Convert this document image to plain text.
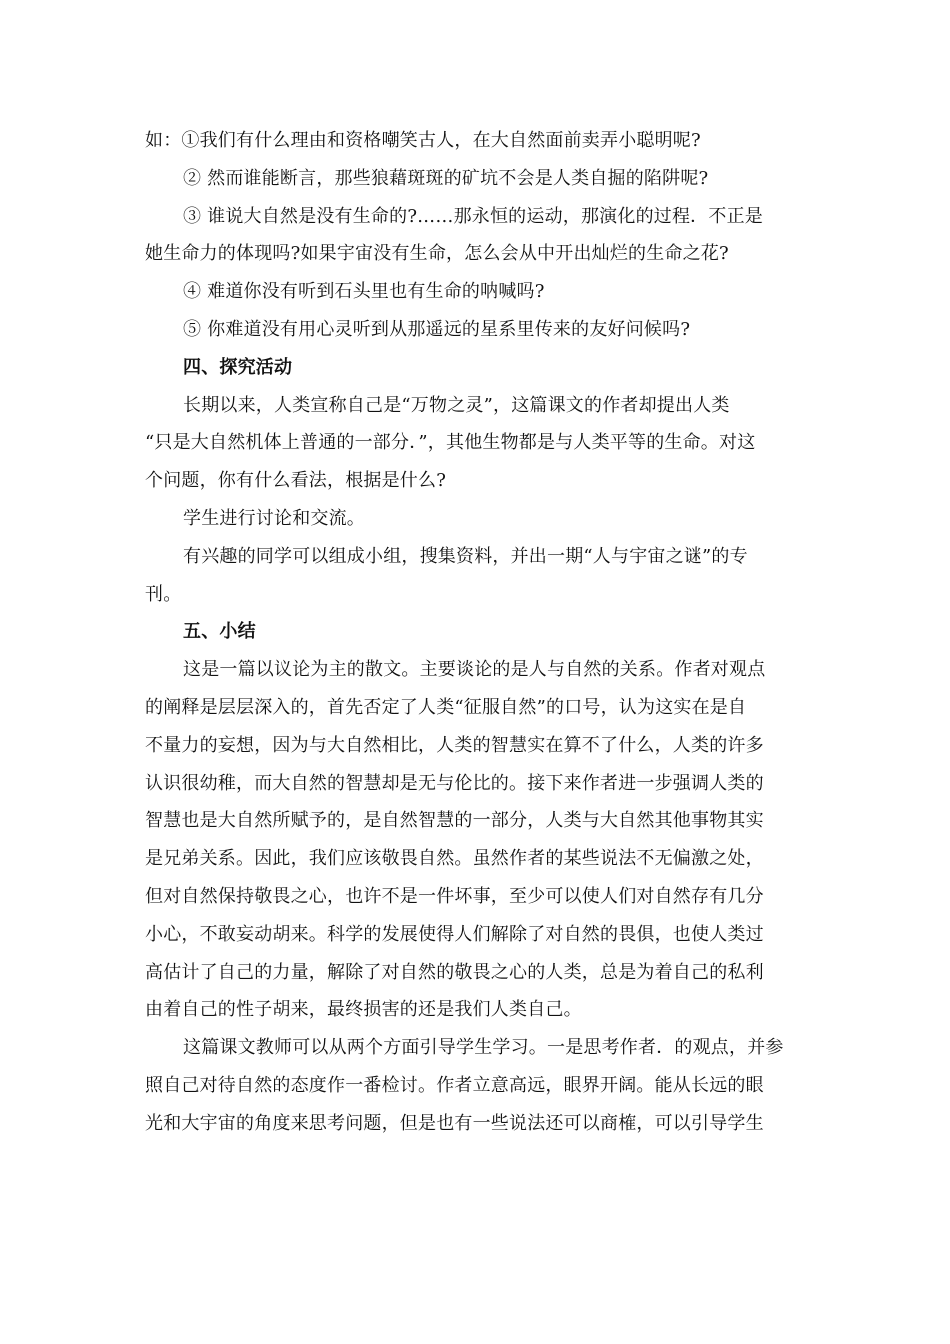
如：①我们有什么理由和资格嘲笑古人，在大自然面前卖弄小聪明呢?
② 然而谁能断言，那些狼藉斑斑的矿坑不会是人类自掘的陷阱呢?
③ 谁说大自然是没有生命的?……那永恒的运动，那演化的过程．不正是
她生命力的体现吗?如果宇宙没有生命，怎么会从中开出灿烂的生命之花?
④ 难道你没有听到石头里也有生命的呐喊吗?
⑤ 你难道没有用心灵听到从那遥远的星系里传来的友好问候吗?
四、探究活动
长期以来，人类宣称自己是“万物之灵”，这篇课文的作者却提出人类
“只是大自然机体上普通的一部分．”，其他生物都是与人类平等的生命。对这
个问题，你有什么看法，根据是什么?
学生进行讨论和交流。
有兴趣的同学可以组成小组，搜集资料，并出一期“人与宇宙之谜”的专
刊。
五、小结
这是一篇以议论为主的散文。主要谈论的是人与自然的关系。作者对观点
的阐释是层层深入的，首先否定了人类“征服自然”的口号，认为这实在是自
不量力的妄想，因为与大自然相比，人类的智慧实在算不了什么，人类的许多
认识很幼稚，而大自然的智慧却是无与伦比的。接下来作者进一步强调人类的
智慧也是大自然所赋予的，是自然智慧的一部分，人类与大自然其他事物其实
是兄弟关系。因此，我们应该敬畏自然。虽然作者的某些说法不无偏激之处，
但对自然保持敬畏之心，也许不是一件坏事，至少可以使人们对自然存有几分
小心，不敢妄动胡来。科学的发展使得人们解除了对自然的畏俱，也使人类过
高估计了自己的力量，解除了对自然的敬畏之心的人类，总是为着自己的私利
由着自己的性子胡来，最终损害的还是我们人类自己。
这篇课文教师可以从两个方面引导学生学习。一是思考作者．的观点，并参
照自己对待自然的态度作一番检讨。作者立意高远，眼界开阔。能从长远的眼
光和大宇宙的角度来思考问题，但是也有一些说法还可以商榷，可以引导学生
